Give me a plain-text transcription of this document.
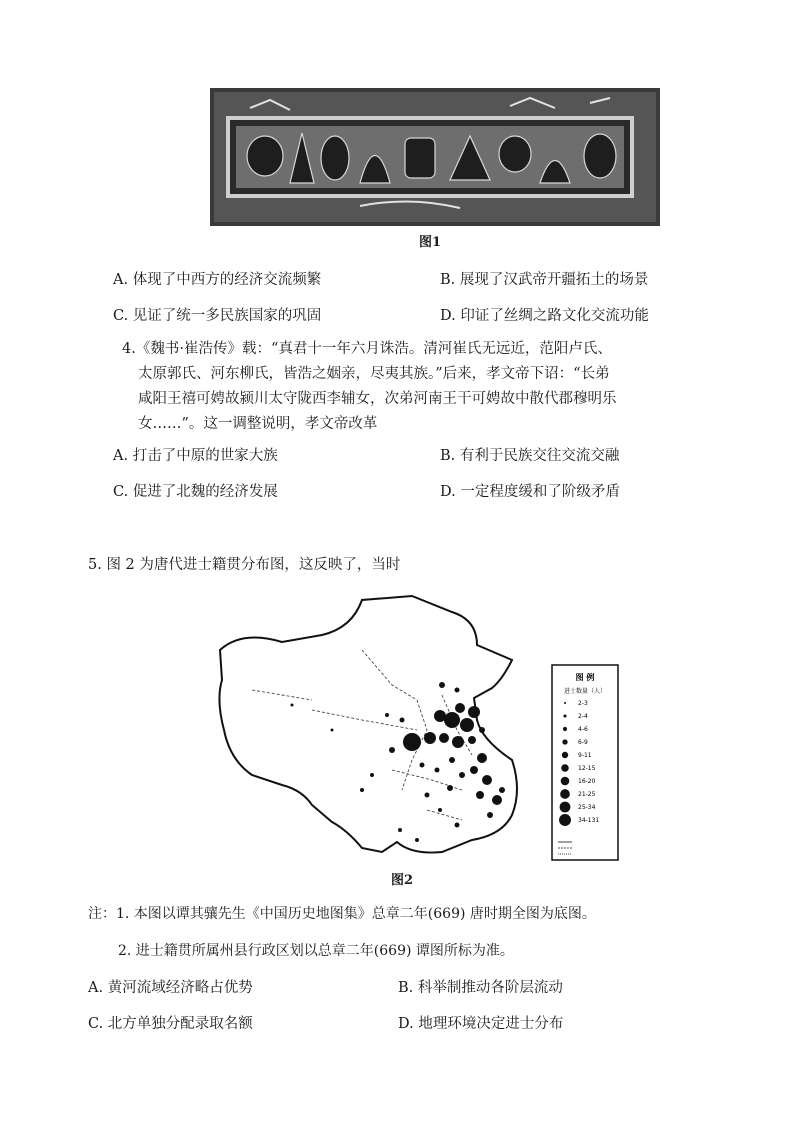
图1
A. 体现了中西方的经济交流频繁	B. 展现了汉武帝开疆拓土的场景
C. 见证了统一多民族国家的巩固	D. 印证了丝绸之路文化交流功能
4.《魏书·崔浩传》载：“真君十一年六月诛浩。清河崔氏无远近，范阳卢氏、
太原郭氏、河东柳氏，皆浩之姻亲，尽夷其族。”后来，孝文帝下诏：“长弟
咸阳王禧可娉故颍川太守陇西李辅女，次弟河南王干可娉故中散代郡穆明乐
女……”。这一调整说明，孝文帝改革
A. 打击了中原的世家大族	B. 有利于民族交往交流交融
C. 促进了北魏的经济发展	D. 一定程度缓和了阶级矛盾
5. 图 2 为唐代进士籍贯分布图，这反映了，当时
图 例
进士数量（人）
2-3
2-4
4-6
6-9
9-11
12-15
16-20
21-25
25-34
34-131
图2
注：1. 本图以谭其骧先生《中国历史地图集》总章二年(669) 唐时期全图为底图。
2. 进士籍贯所属州县行政区划以总章二年(669) 谭图所标为准。
A. 黄河流域经济略占优势	B. 科举制推动各阶层流动
C. 北方单独分配录取名额	D. 地理环境决定进士分布
